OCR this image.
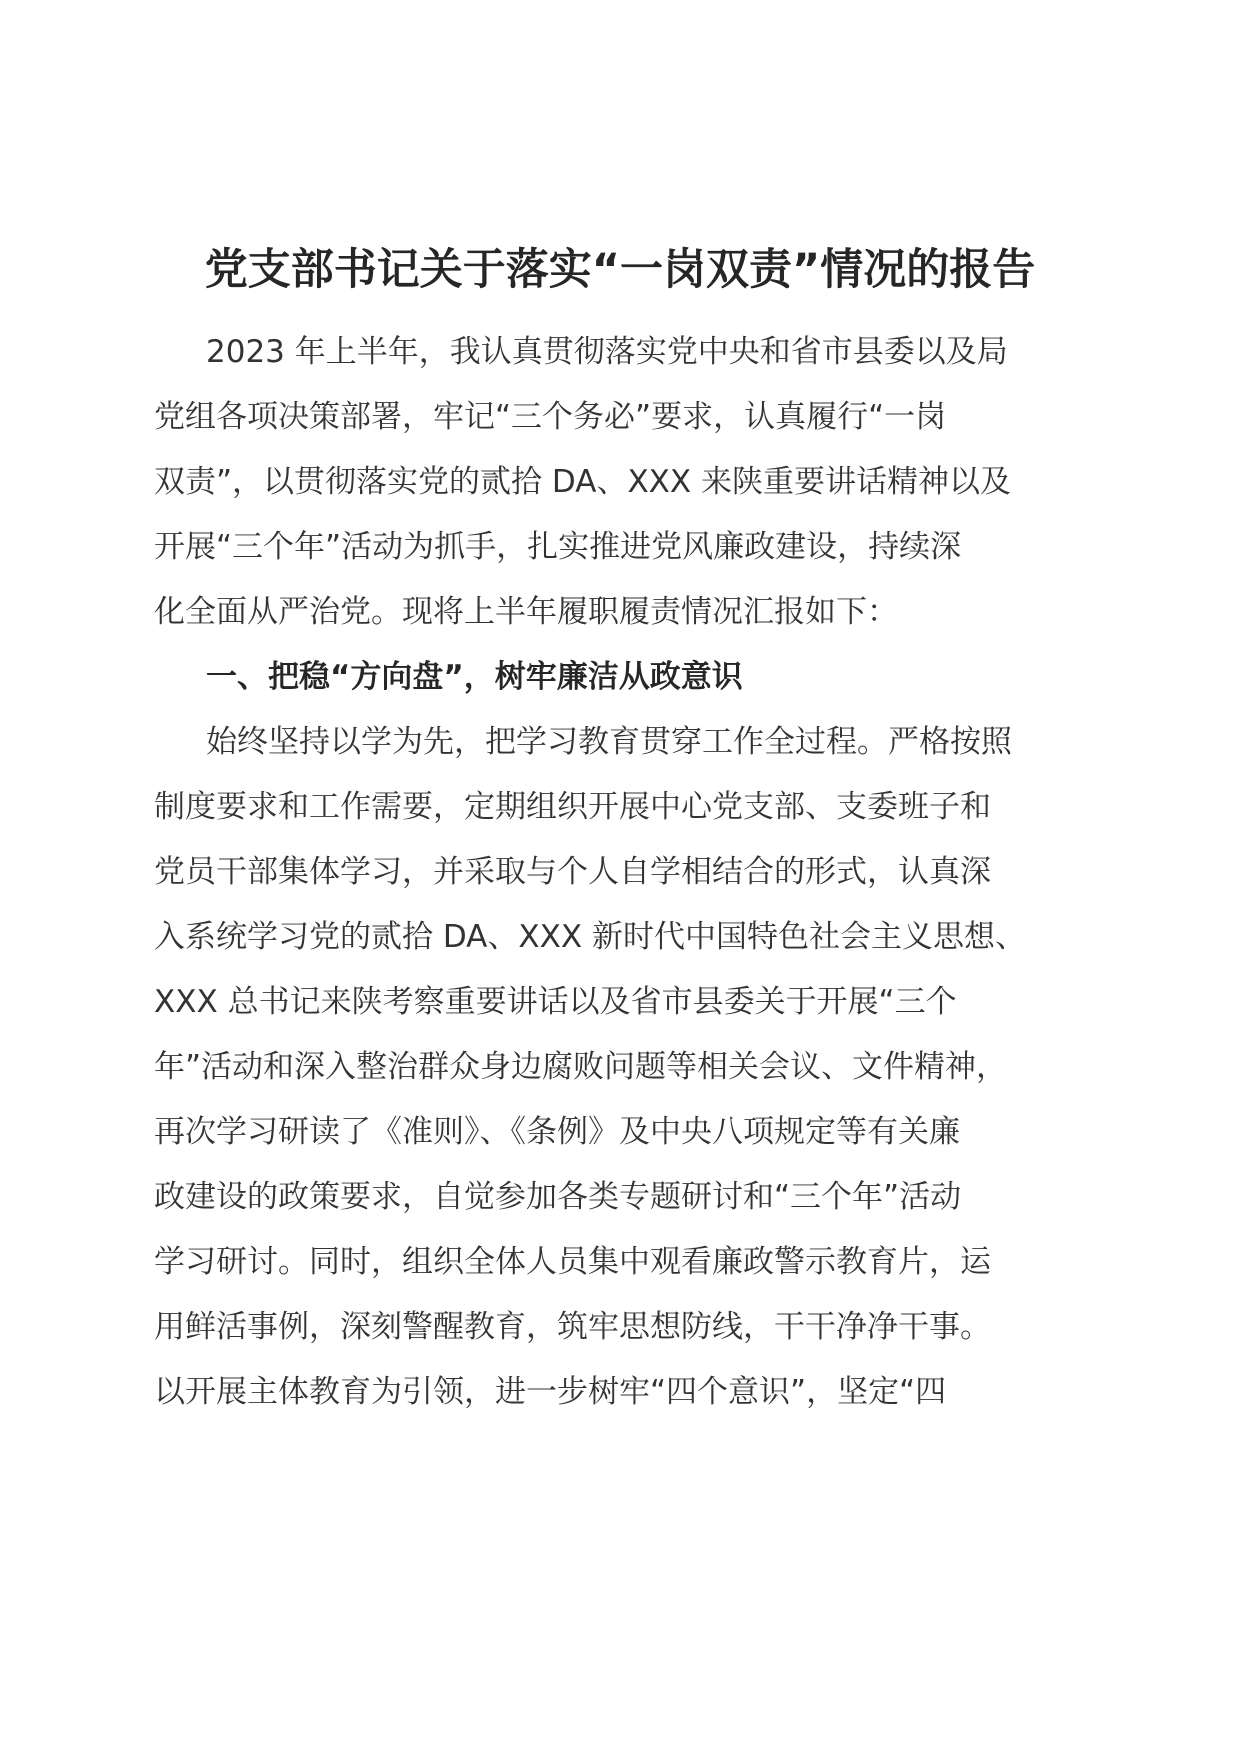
党支部书记关于落实“一岗双责”情况的报告

2023 年上半年，我认真贯彻落实党中央和省市县委以及局

党组各项决策部署，牢记“三个务必”要求，认真履行“一岗

双责”，以贯彻落实党的贰拾 DA、XXX 来陕重要讲话精神以及

开展“三个年”活动为抓手，扎实推进党风廉政建设，持续深

化全面从严治党。现将上半年履职履责情况汇报如下：

一、把稳“方向盘”，树牢廉洁从政意识

始终坚持以学为先，把学习教育贯穿工作全过程。严格按照

制度要求和工作需要，定期组织开展中心党支部、支委班子和

党员干部集体学习，并采取与个人自学相结合的形式，认真深

入系统学习党的贰拾 DA、XXX 新时代中国特色社会主义思想、

XXX 总书记来陕考察重要讲话以及省市县委关于开展“三个

年”活动和深入整治群众身边腐败问题等相关会议、文件精神，

再次学习研读了《准则》、《条例》及中央八项规定等有关廉

政建设的政策要求，自觉参加各类专题研讨和“三个年”活动

学习研讨。同时，组织全体人员集中观看廉政警示教育片，运

用鲜活事例，深刻警醒教育，筑牢思想防线，干干净净干事。

以开展主体教育为引领，进一步树牢“四个意识”，坚定“四
